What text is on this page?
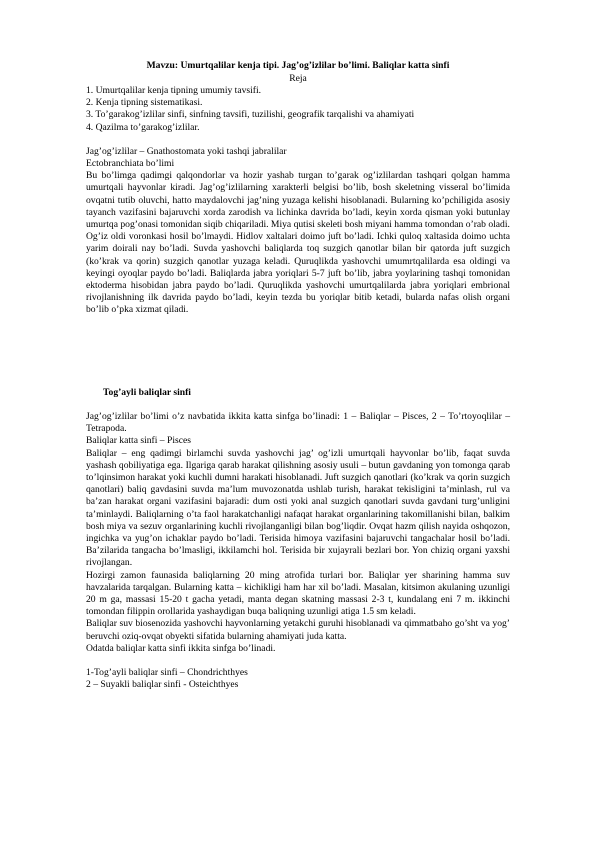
Mavzu: Umurtqalilar kenja tipi. Jag’og’izlilar bo’limi. Baliqlar katta sinfi
Reja

1. Umurtqalilar kenja tipning umumiy tavsifi.

2. Kenja tipning sistematikasi.

3. To’garakog’izlilar sinfi, sinfning tavsifi, tuzilishi, geografik tarqalishi va ahamiyati

4. Qazilma to’garakog’izlilar.

Jag’og’izlilar – Gnathostomata yoki tashqi jabralilar

Ectobranchiata bo’limi

Bu bo’limga qadimgi qalqondorlar va hozir yashab turgan to’garak og’izlilardan tashqari qolgan hamma umurtqali hayvonlar kiradi. Jag’og’izlilarning xarakterli belgisi bo’lib, bosh skeletning visseral bo’limida ovqatni tutib oluvchi, hatto maydalovchi jag’ning yuzaga kelishi hisoblanadi. Bularning ko’pchiligida asosiy tayanch vazifasini bajaruvchi xorda zarodish va lichinka davrida bo’ladi, keyin xorda qisman yoki butunlay umurtqa pog’onasi tomonidan siqib chiqariladi. Miya qutisi skeleti bosh miyani hamma tomondan o’rab oladi.

Og’iz oldi voronkasi hosil bo’lmaydi. Hidlov xaltalari doimo juft bo’ladi. Ichki quloq xaltasida doimo uchta yarim doirali nay bo’ladi. Suvda yashovchi baliqlarda toq suzgich qanotlar bilan bir qatorda juft suzgich (ko’krak va qorin) suzgich qanotlar yuzaga keladi. Quruqlikda yashovchi umumrtqalilarda esa oldingi va keyingi oyoqlar paydo bo’ladi. Baliqlarda jabra yoriqlari 5-7 juft bo’lib, jabra yoylarining tashqi tomonidan ektoderma hisobidan jabra paydo bo’ladi. Quruqlikda yashovchi umurtqalilarda jabra yoriqlari embrional rivojlanishning ilk davrida paydo bo’ladi, keyin tezda bu yoriqlar bitib ketadi, bularda nafas olish organi bo’lib o’pka xizmat qiladi.

Tog’ayli baliqlar sinfi

Jag’og’izlilar bo’limi o’z navbatida ikkita katta sinfga bo’linadi: 1 – Baliqlar – Pisces, 2 – To’rtoyoqlilar – Tetrapoda.

Baliqlar katta sinfi – Pisces

Baliqlar – eng qadimgi birlamchi suvda yashovchi jag’ og’izli umurtqali hayvonlar bo’lib, faqat suvda yashash qobiliyatiga ega. Ilgariga qarab harakat qilishning asosiy usuli – butun gavdaning yon tomonga qarab to’lqinsimon harakat yoki kuchli dumni harakati hisoblanadi. Juft suzgich qanotlari (ko’krak va qorin suzgich qanotlari) baliq gavdasini suvda ma’lum muvozonatda ushlab turish, harakat tekisligini ta’minlash, rul va ba’zan harakat organi vazifasini bajaradi: dum osti yoki anal suzgich qanotlari suvda gavdani turg’unligini ta’minlaydi. Baliqlarning o’ta faol harakatchanligi nafaqat harakat organlarining takomillanishi bilan, balkim bosh miya va sezuv organlarining kuchli rivojlanganligi bilan bog’liqdir. Ovqat hazm qilish nayida oshqozon, ingichka va yug’on ichaklar paydo bo’ladi. Terisida himoya vazifasini bajaruvchi tangachalar hosil bo’ladi. Ba’zilarida tangacha bo’lmasligi, ikkilamchi hol. Terisida bir xujayrali bezlari bor. Yon chiziq organi yaxshi rivojlangan.

Hozirgi zamon faunasida baliqlarning 20 ming atrofida turlari bor. Baliqlar yer sharining hamma suv havzalarida tarqalgan. Bularning katta – kichikligi ham har xil bo’ladi. Masalan, kitsimon akulaning uzunligi 20 m ga, massasi 15-20 t gacha yetadi, manta degan skatning massasi 2-3 t, kundalang eni 7 m. ikkinchi tomondan filippin orollarida yashaydigan buqa baliqning uzunligi atiga 1.5 sm keladi.

Baliqlar suv biosenozida yashovchi hayvonlarning yetakchi guruhi hisoblanadi va qimmatbaho go’sht va yog’ beruvchi oziq-ovqat obyekti sifatida bularning ahamiyati juda katta.

Odatda baliqlar katta sinfi ikkita sinfga bo’linadi.

1-Tog’ayli baliqlar sinfi – Chondrichthyes

2 – Suyakli baliqlar sinfi - Osteichthyes
